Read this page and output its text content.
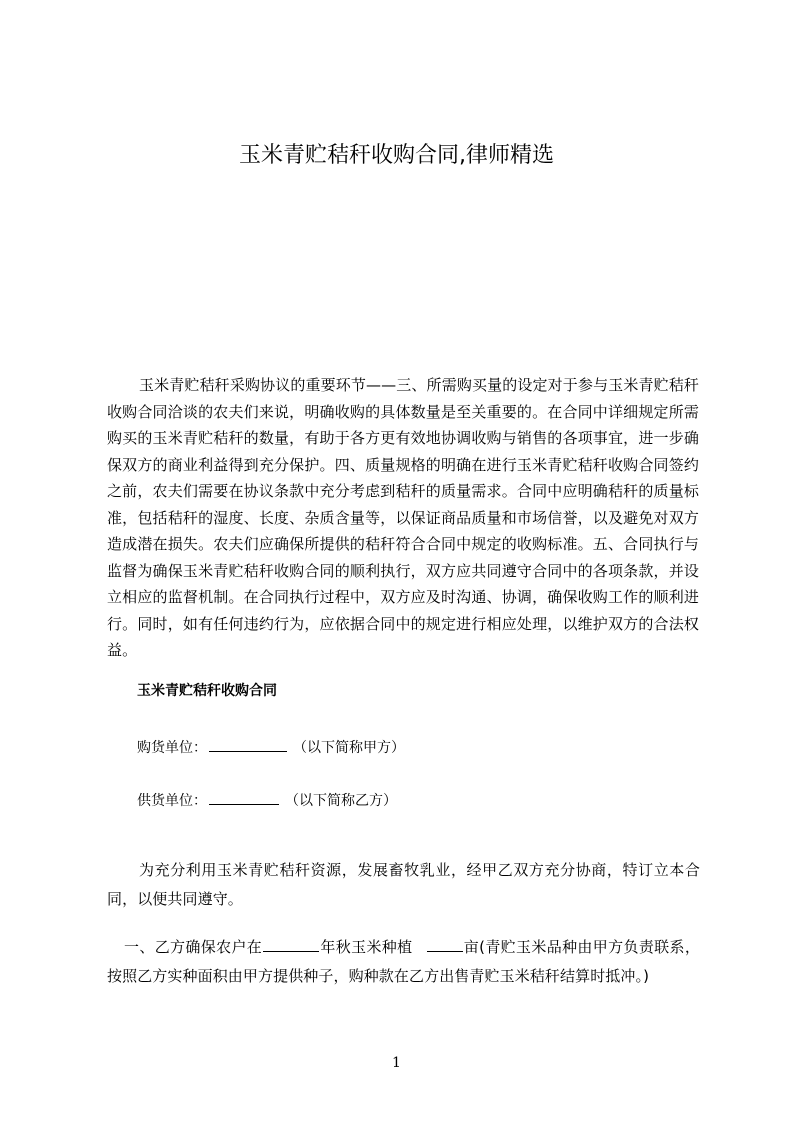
玉米青贮秸秆收购合同,律师精选

玉米青贮秸秆采购协议的重要环节——三、所需购买量的设定对于参与玉米青贮秸秆收购合同洽谈的农夫们来说，明确收购的具体数量是至关重要的。在合同中详细规定所需购买的玉米青贮秸秆的数量，有助于各方更有效地协调收购与销售的各项事宜，进一步确保双方的商业利益得到充分保护。四、质量规格的明确在进行玉米青贮秸秆收购合同签约之前，农夫们需要在协议条款中充分考虑到秸秆的质量需求。合同中应明确秸秆的质量标准，包括秸秆的湿度、长度、杂质含量等，以保证商品质量和市场信誉，以及避免对双方造成潜在损失。农夫们应确保所提供的秸秆符合合同中规定的收购标准。五、合同执行与监督为确保玉米青贮秸秆收购合同的顺利执行，双方应共同遵守合同中的各项条款，并设立相应的监督机制。在合同执行过程中，双方应及时沟通、协调，确保收购工作的顺利进行。同时，如有任何违约行为，应依据合同中的规定进行相应处理，以维护双方的合法权益。

玉米青贮秸秆收购合同
购货单位：	（以下简称甲方）
供货单位：	（以下简称乙方）

为充分利用玉米青贮秸秆资源，发展畜牧乳业，经甲乙双方充分协商，特订立本合同，以便共同遵守。

一、乙方确保农户在	年秋玉米种植	亩(青贮玉米品种由甲方负责联系，按照乙方实种面积由甲方提供种子，购种款在乙方出售青贮玉米秸秆结算时抵冲。)

1
